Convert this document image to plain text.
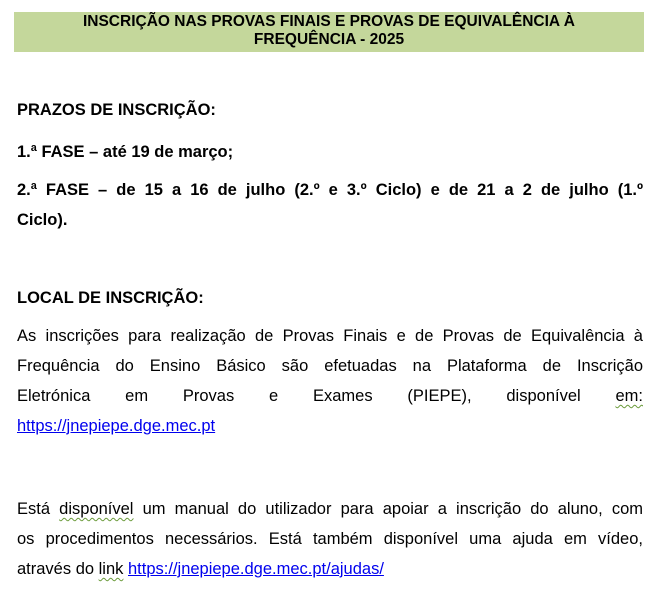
INSCRIÇÃO NAS PROVAS FINAIS E PROVAS DE EQUIVALÊNCIA À
FREQUÊNCIA - 2025

PRAZOS DE INSCRIÇÃO:

1.ª FASE – até 19 de março;

2.ª FASE – de 15 a 16 de julho (2.º e 3.º Ciclo) e de 21 a 2 de julho (1.º
Ciclo).

LOCAL DE INSCRIÇÃO:

As inscrições para realização de Provas Finais e de Provas de Equivalência à
Frequência do Ensino Básico são efetuadas na Plataforma de Inscrição
Eletrónica em Provas e Exames (PIEPE), disponível em:
https://jnepiepe.dge.mec.pt
Está disponível um manual do utilizador para apoiar a inscrição do aluno, com
os procedimentos necessários. Está também disponível uma ajuda em vídeo,
através do link https://jnepiepe.dge.mec.pt/ajudas/
